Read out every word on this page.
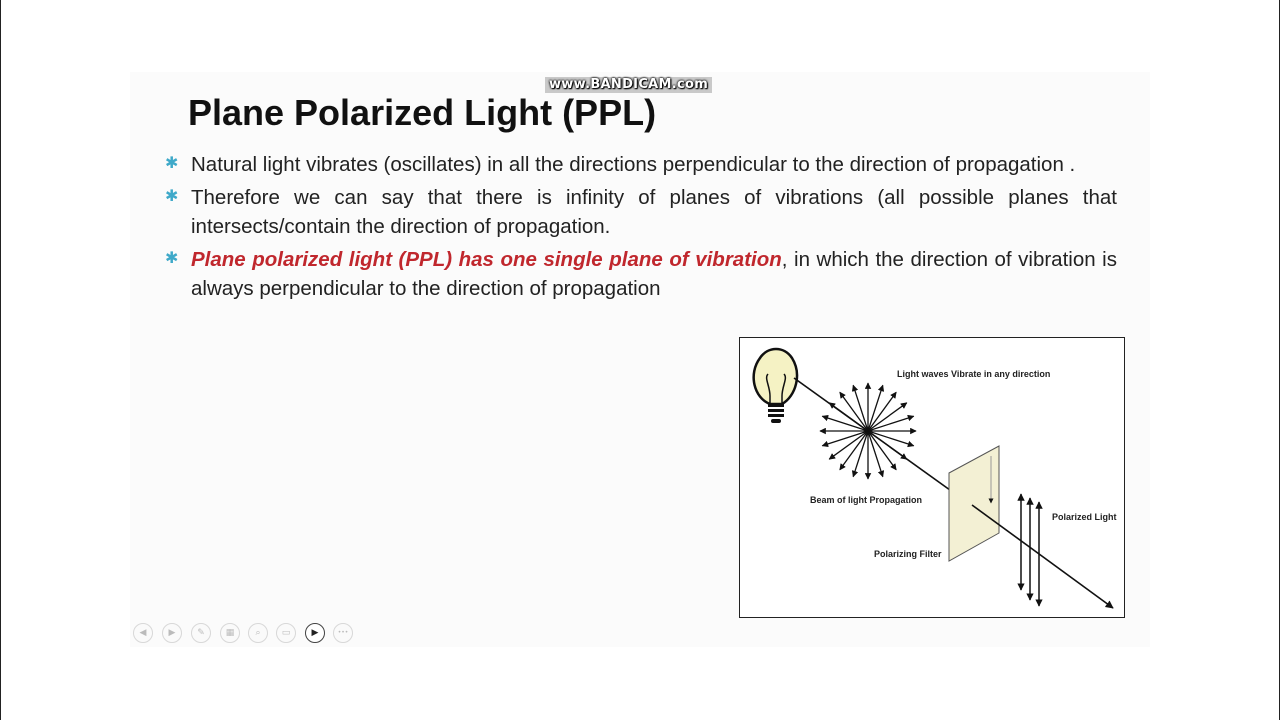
www.BANDICAM.com
Plane Polarized Light (PPL)
✱ Natural light vibrates (oscillates) in all the directions perpendicular to the direction of propagation .

✱ Therefore we can say that there is infinity of planes of vibrations (all possible planes that intersects/contain the direction of propagation.

✱ Plane polarized light (PPL) has one single plane of vibration, in which the direction of vibration is always perpendicular to the direction of propagation

Light waves Vibrate in any direction
Beam of light Propagation
Polarized Light
Polarizing Filter
◀	▶	✎	▦	⌕	▭	▶	•••
